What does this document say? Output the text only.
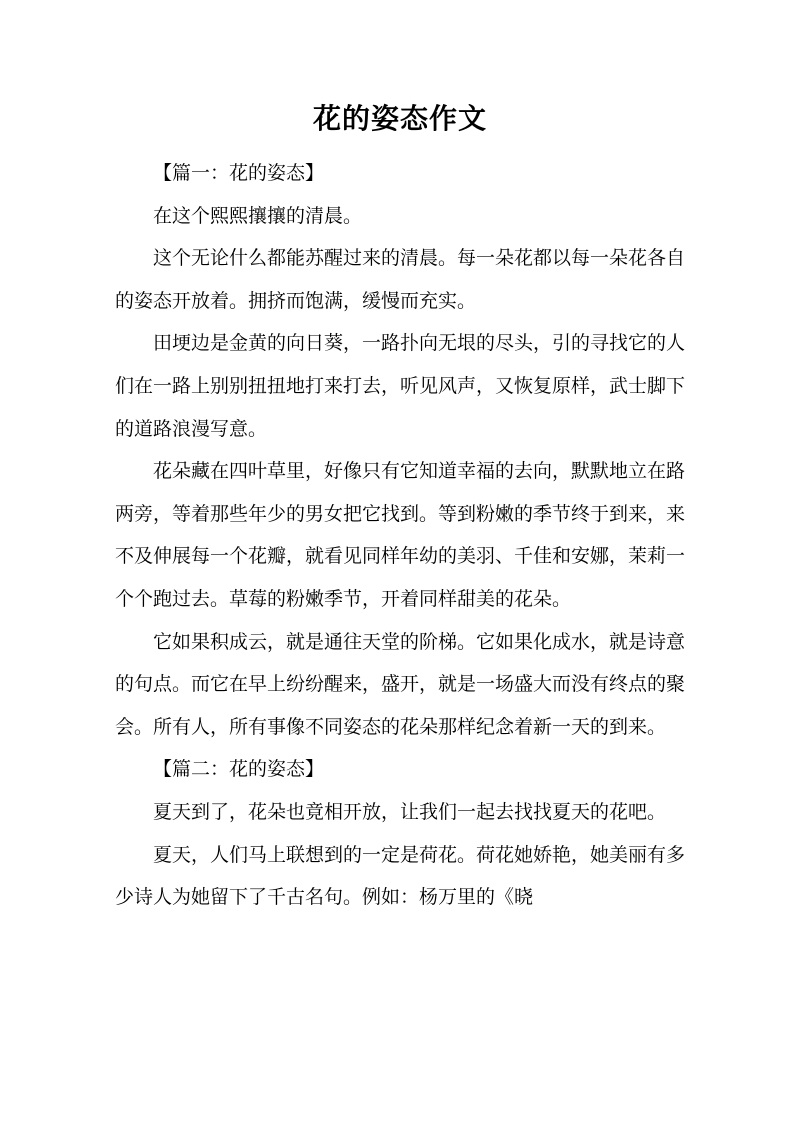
花的姿态作文

【篇一：花的姿态】

在这个熙熙攘攘的清晨。

这个无论什么都能苏醒过来的清晨。每一朵花都以每一朵花各自的姿态开放着。拥挤而饱满，缓慢而充实。

田埂边是金黄的向日葵，一路扑向无垠的尽头，引的寻找它的人们在一路上别别扭扭地打来打去，听见风声，又恢复原样，武士脚下的道路浪漫写意。

花朵藏在四叶草里，好像只有它知道幸福的去向，默默地立在路两旁，等着那些年少的男女把它找到。等到粉嫩的季节终于到来，来不及伸展每一个花瓣，就看见同样年幼的美羽、千佳和安娜，茉莉一个个跑过去。草莓的粉嫩季节，开着同样甜美的花朵。

它如果积成云，就是通往天堂的阶梯。它如果化成水，就是诗意的句点。而它在早上纷纷醒来，盛开，就是一场盛大而没有终点的聚会。所有人，所有事像不同姿态的花朵那样纪念着新一天的到来。

【篇二：花的姿态】

夏天到了，花朵也竟相开放，让我们一起去找找夏天的花吧。

夏天，人们马上联想到的一定是荷花。荷花她娇艳，她美丽有多少诗人为她留下了千古名句。例如：杨万里的《晓
